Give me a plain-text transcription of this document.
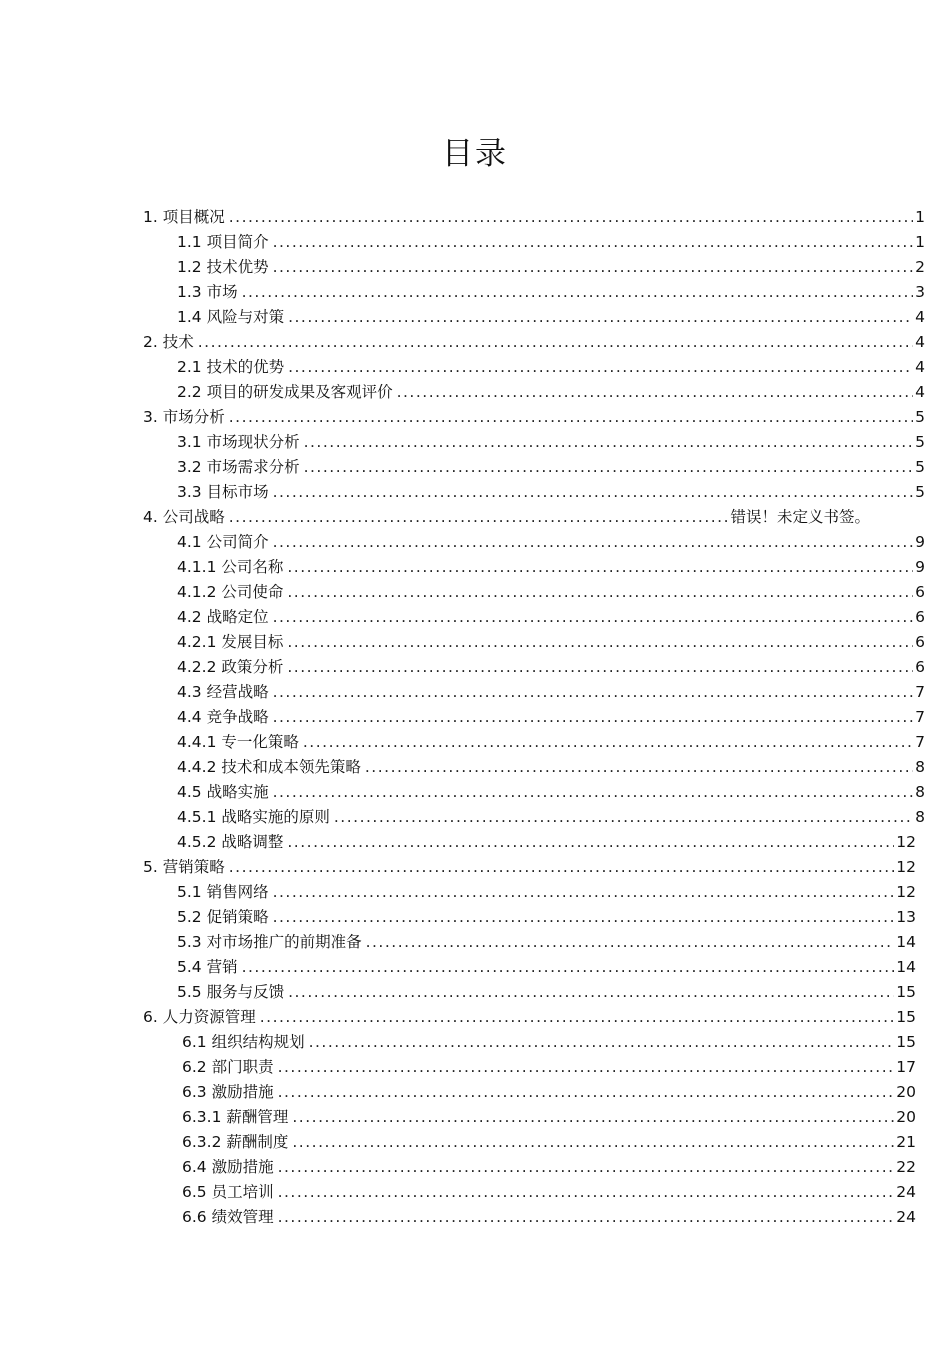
目录
1. 项目概况 .....	1
1.1 项目简介 .....	1
1.2 技术优势 .....	2
1.3 市场 .....	3
1.4 风险与对策 .....	4
2. 技术 .....	4
2.1 技术的优势 .....	4
2.2 项目的研发成果及客观评价 .....	4
3. 市场分析 .....	5
3.1 市场现状分析 .....	5
3.2 市场需求分析 .....	5
3.3 目标市场 .....	5
4. 公司战略 .....	错误！未定义书签。
4.1 公司简介 .....	9
4.1.1 公司名称 .....	9
4.1.2 公司使命 .....	6
4.2 战略定位 .....	6
4.2.1 发展目标 .....	6
4.2.2 政策分析 .....	6
4.3 经营战略 .....	7
4.4 竞争战略 .....	7
4.4.1 专一化策略 .....	7
4.4.2 技术和成本领先策略 .....	8
4.5 战略实施 .....	8
4.5.1 战略实施的原则 .....	8
4.5.2 战略调整 .....	12
5. 营销策略 .....	12
5.1 销售网络 .....	12
5.2 促销策略 .....	13
5.3 对市场推广的前期准备 .....	14
5.4 营销 .....	14
5.5 服务与反馈 .....	15
6. 人力资源管理 .....	15
6.1 组织结构规划 .....	15
6.2 部门职责 .....	17
6.3 激励措施 .....	20
6.3.1 薪酬管理 .....	20
6.3.2 薪酬制度 .....	21
6.4 激励措施 .....	22
6.5 员工培训 .....	24
6.6 绩效管理 .....	24
